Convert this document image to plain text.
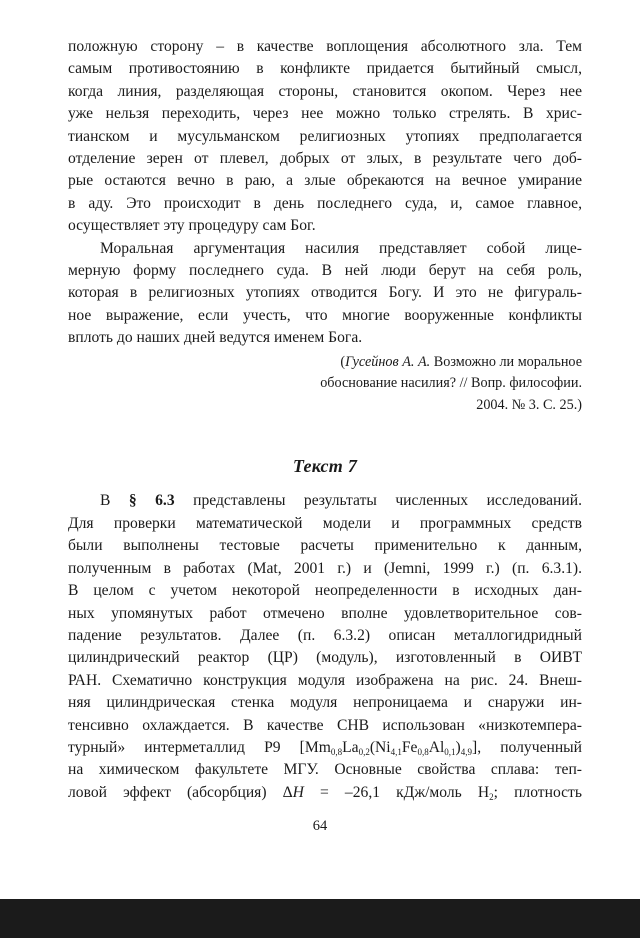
положную сторону – в качестве воплощения абсолютного зла. Тем
самым противостоянию в конфликте придается бытийный смысл,
когда линия, разделяющая стороны, становится окопом. Через нее
уже нельзя переходить, через нее можно только стрелять. В хрис-
тианском и мусульманском религиозных утопиях предполагается
отделение зерен от плевел, добрых от злых, в результате чего доб-
рые остаются вечно в раю, а злые обрекаются на вечное умирание
в аду. Это происходит в день последнего суда, и, самое главное,
осуществляет эту процедуру сам Бог.

Моральная аргументация насилия представляет собой лице-
мерную форму последнего суда. В ней люди берут на себя роль,
которая в религиозных утопиях отводится Богу. И это не фигураль-
ное выражение, если учесть, что многие вооруженные конфликты
вплоть до наших дней ведутся именем Бога.

(Гусейнов А. А. Возможно ли моральное
обоснование насилия? // Вопр. философии.
2004. № 3. С. 25.)
Текст 7

В § 6.3 представлены результаты численных исследований.
Для проверки математической модели и программных средств
были выполнены тестовые расчеты применительно к данным,
полученным в работах (Mat, 2001 г.) и (Jemni, 1999 г.) (п. 6.3.1).
В целом с учетом некоторой неопределенности в исходных дан-
ных упомянутых работ отмечено вполне удовлетворительное сов-
падение результатов. Далее (п. 6.3.2) описан металлогидридный
цилиндрический реактор (ЦР) (модуль), изготовленный в ОИВТ
РАН. Схематично конструкция модуля изображена на рис. 24. Внеш-
няя цилиндрическая стенка модуля непроницаема и снаружи ин-
тенсивно охлаждается. В качестве СНВ использован «низкотемпера-
турный» интерметаллид P9 $[Mm_{0,8}La_{0,2}(Ni_{4,1}Fe_{0,8}Al_{0,1})_{4,9}]$, полученный
на химическом факультете МГУ. Основные свойства сплава: теп-
ловой эффект (абсорбция) ΔH = –26,1 кДж/моль $H_2$; плотность

64
